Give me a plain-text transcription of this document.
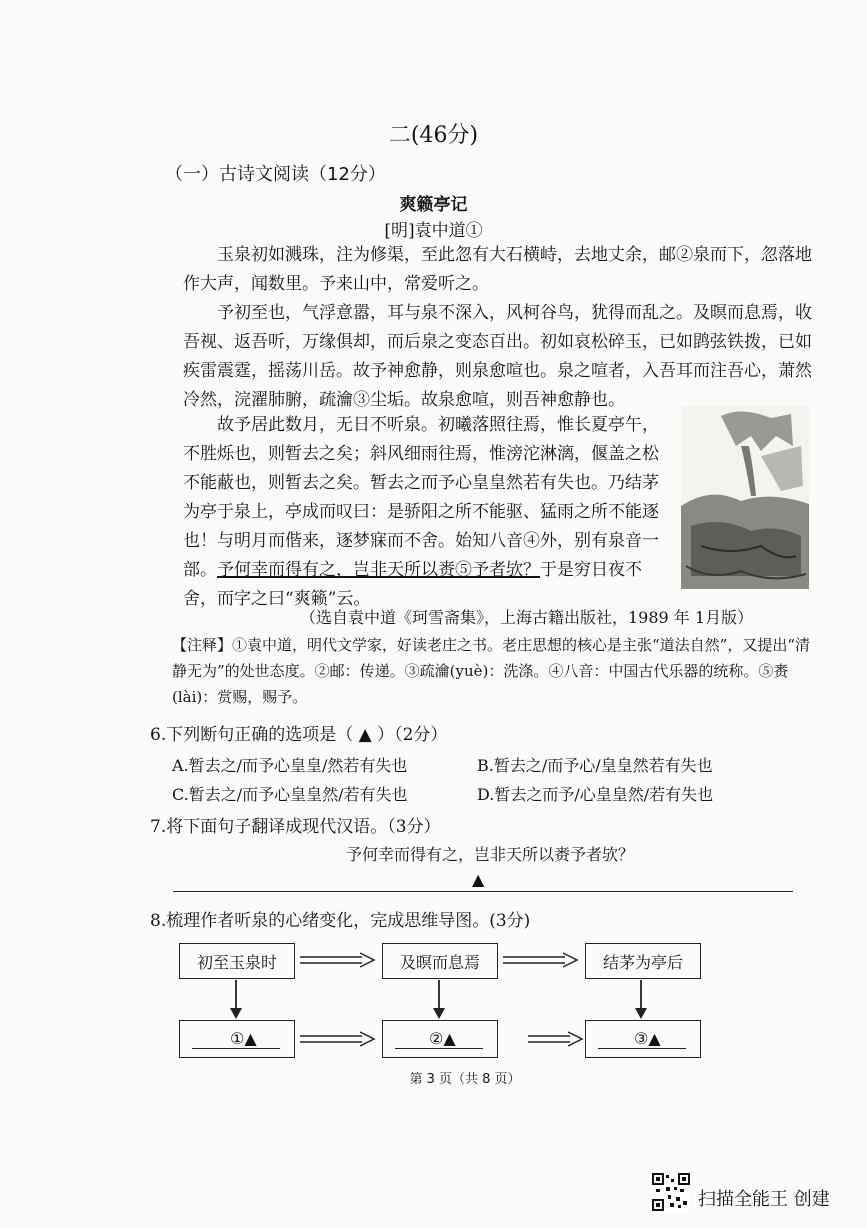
二(46分)
（一）古诗文阅读（12分）
爽籁亭记
[明]袁中道①
玉泉初如溅珠，注为修渠，至此忽有大石横峙，去地丈余，邮②泉而下，忽落地作大声，闻数里。予来山中，常爱听之。
予初至也，气浮意嚣，耳与泉不深入，风柯谷鸟，犹得而乱之。及暝而息焉，收吾视、返吾听，万缘俱却，而后泉之变态百出。初如哀松碎玉，已如鹍弦铁拨，已如疾雷震霆，摇荡川岳。故予神愈静，则泉愈喧也。泉之喧者，入吾耳而注吾心，萧然冷然，浣濯肺腑，疏瀹③尘垢。故泉愈喧，则吾神愈静也。
故予居此数月，无日不听泉。初曦落照往焉，惟长夏亭午，不胜烁也，则暂去之矣；斜风细雨往焉，惟滂沱淋漓，偃盖之松不能蔽也，则暂去之矣。暂去之而予心皇皇然若有失也。乃结茅为亭于泉上，亭成而叹曰：是骄阳之所不能驱、猛雨之所不能逐也！与明月而偕来，逐梦寐而不舍。始知八音④外，别有泉音一部。予何幸而得有之，岂非天所以赉⑤予者欤？于是穷日夜不舍，而字之曰“爽籁”云。
（选自袁中道《珂雪斋集》，上海古籍出版社，1989 年 1月版）
【注释】①袁中道，明代文学家，好读老庄之书。老庄思想的核心是主张“道法自然”，又提出“清静无为”的处世态度。②邮：传递。③疏瀹(yuè)：洗涤。④八音：中国古代乐器的统称。⑤赉(lài)：赏赐，赐予。
6.下列断句正确的选项是（ ▲ ）（2分）
A.暂去之/而予心皇皇/然若有失也	B.暂去之/而予心/皇皇然若有失也
C.暂去之/而予心皇皇然/若有失也	D.暂去之而予/心皇皇然/若有失也
7.将下面句子翻译成现代汉语。（3分）
予何幸而得有之，岂非天所以赉予者欤？
▲
8.梳理作者听泉的心绪变化，完成思维导图。(3分)
初至玉泉时	及暝而息焉	结茅为亭后
①▲	②▲	③▲
第 3 页（共 8 页）
扫描全能王 创建
